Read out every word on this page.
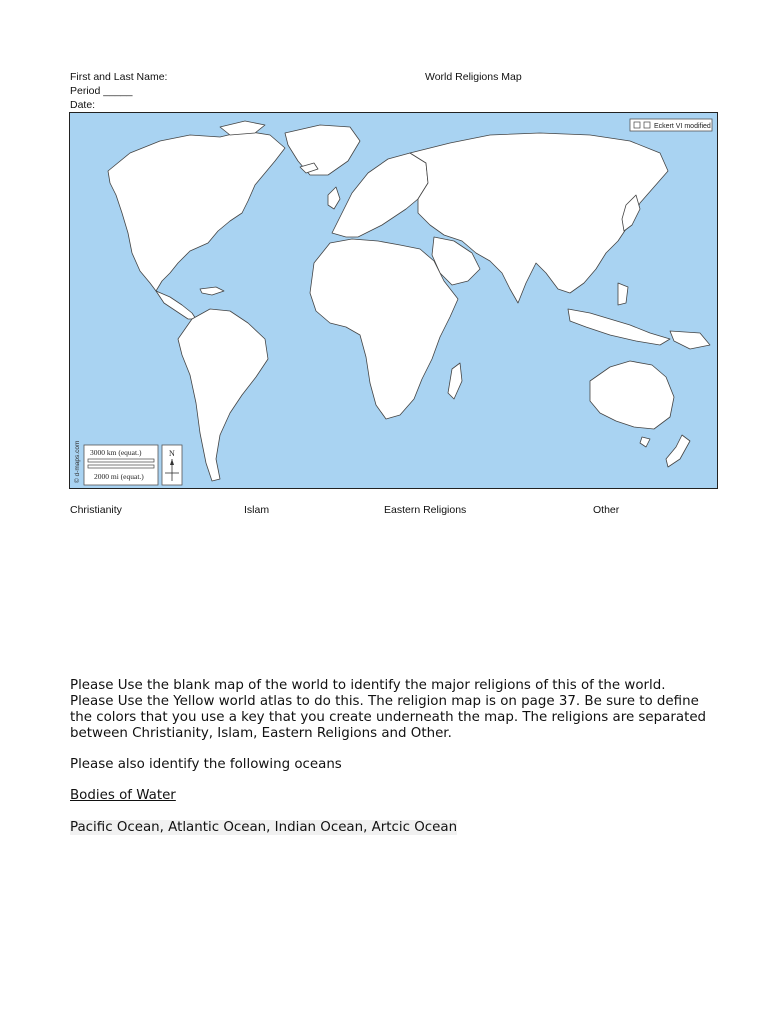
First and Last Name:
Period _____
Date:
World Religions Map
Eckert VI modified
© d-maps.com 3000 km (equat.)
2000 mi (equat.)
N
Christianity	Islam	Eastern Religions	Other

Please Use the blank map of the world to identify the major religions of this of the world. Please Use the Yellow world atlas to do this. The religion map is on page 37. Be sure to define the colors that you use a key that you create underneath the map. The religions are separated between Christianity, Islam, Eastern Religions and Other.

Please also identify the following oceans

Bodies of Water

Pacific Ocean, Atlantic Ocean, Indian Ocean, Artcic Ocean
